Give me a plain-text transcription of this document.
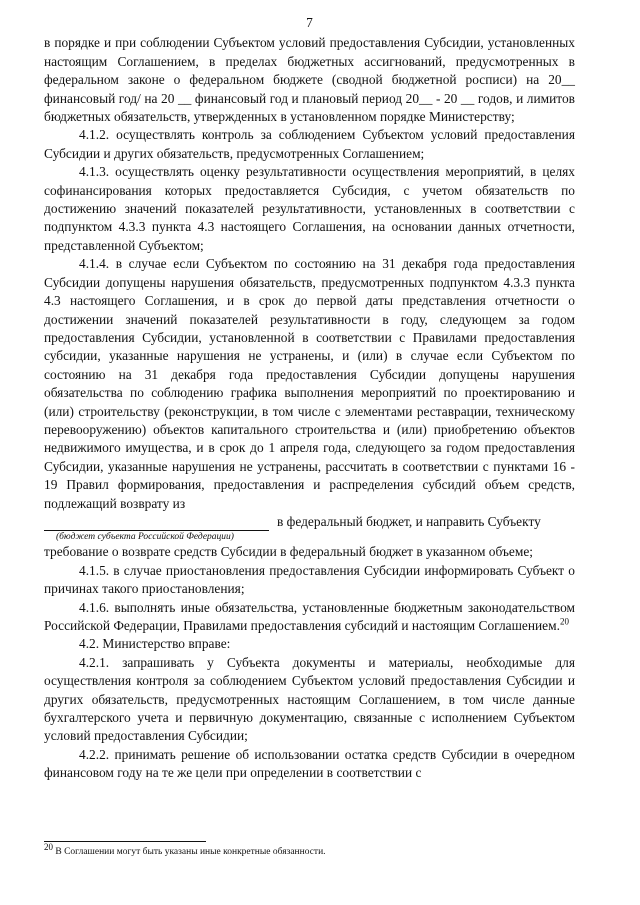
7

в порядке и при соблюдении Субъектом условий предоставления Субсидии, установленных настоящим Соглашением, в пределах бюджетных ассигнований, предусмотренных в федеральном законе о федеральном бюджете (сводной бюджетной росписи) на 20__ финансовый год/ на 20 __ финансовый год и плановый период 20__ - 20 __ годов, и лимитов бюджетных обязательств, утвержденных в установленном порядке Министерству;

4.1.2. осуществлять контроль за соблюдением Субъектом условий предоставления Субсидии и других обязательств, предусмотренных Соглашением;

4.1.3. осуществлять оценку результативности осуществления мероприятий, в целях софинансирования которых предоставляется Субсидия, с учетом обязательств по достижению значений показателей результативности, установленных в соответствии с подпунктом 4.3.3 пункта 4.3 настоящего Соглашения, на основании данных отчетности, представленной Субъектом;

4.1.4. в случае если Субъектом по состоянию на 31 декабря года предоставления Субсидии допущены нарушения обязательств, предусмотренных подпунктом 4.3.3 пункта 4.3 настоящего Соглашения, и в срок до первой даты представления отчетности о достижении значений показателей результативности в году, следующем за годом предоставления Субсидии, установленной в соответствии с Правилами предоставления субсидии, указанные нарушения не устранены, и (или) в случае если Субъектом по состоянию на 31 декабря года предоставления Субсидии допущены нарушения обязательства по соблюдению графика выполнения мероприятий по проектированию и (или) строительству (реконструкции, в том числе с элементами реставрации, техническому перевооружению) объектов капитального строительства и (или) приобретению объектов недвижимого имущества, и в срок до 1 апреля года, следующего за годом предоставления Субсидии, указанные нарушения не устранены, рассчитать в соответствии с пунктами 16 - 19 Правил формирования, предоставления и распределения субсидий объем средств, подлежащий возврату из

в федеральный бюджет, и направить Субъекту
(бюджет субъекта Российской Федерации)

требование о возврате средств Субсидии в федеральный бюджет в указанном объеме;

4.1.5. в случае приостановления предоставления Субсидии информировать Субъект о причинах такого приостановления;

4.1.6. выполнять иные обязательства, установленные бюджетным законодательством Российской Федерации, Правилами предоставления субсидий и настоящим Соглашением.$^{20}$

4.2. Министерство вправе:

4.2.1. запрашивать у Субъекта документы и материалы, необходимые для осуществления контроля за соблюдением Субъектом условий предоставления Субсидии и других обязательств, предусмотренных настоящим Соглашением, в том числе данные бухгалтерского учета и первичную документацию, связанные с исполнением Субъектом условий предоставления Субсидии;

4.2.2. принимать решение об использовании остатка средств Субсидии в очередном финансовом году на те же цели при определении в соответствии с

$^{20}$ В Соглашении могут быть указаны иные конкретные обязанности.
